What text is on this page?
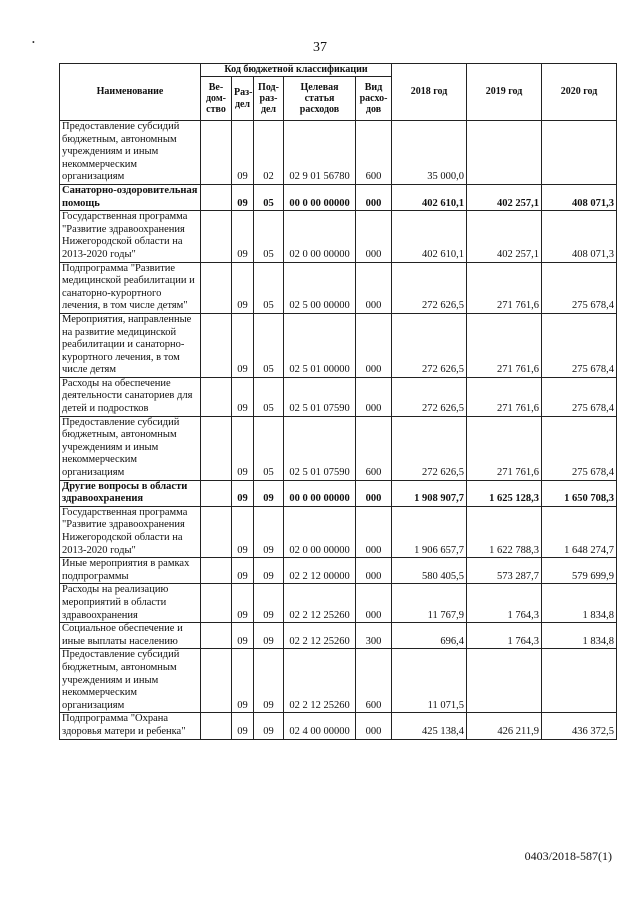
•	37
Наименование	Код бюджетной классификации					2018 год	2019 год	2020 год
	Ве-дом-ство	Раз-дел	Под-раз-дел	Целевая статья расходов	Вид расхо-дов			
Предоставление субсидий бюджетным, автономным учреждениям и иным некоммерческим организациям		09	02	02 9 01 56780	600	35 000,0		
Санаторно-оздоровительная помощь		09	05	00 0 00 00000	000	402 610,1	402 257,1	408 071,3
Государственная программа "Развитие здравоохранения Нижегородской области на 2013-2020 годы"		09	05	02 0 00 00000	000	402 610,1	402 257,1	408 071,3
Подпрограмма "Развитие медицинской реабилитации и санаторно-курортного лечения, в том числе детям"		09	05	02 5 00 00000	000	272 626,5	271 761,6	275 678,4
Мероприятия, направленные на развитие медицинской реабилитации и санаторно-курортного лечения, в том числе детям		09	05	02 5 01 00000	000	272 626,5	271 761,6	275 678,4
Расходы на обеспечение деятельности санаториев для детей и подростков		09	05	02 5 01 07590	000	272 626,5	271 761,6	275 678,4
Предоставление субсидий бюджетным, автономным учреждениям и иным некоммерческим организациям		09	05	02 5 01 07590	600	272 626,5	271 761,6	275 678,4
Другие вопросы в области здравоохранения		09	09	00 0 00 00000	000	1 908 907,7	1 625 128,3	1 650 708,3
Государственная программа "Развитие здравоохранения Нижегородской области на 2013-2020 годы"		09	09	02 0 00 00000	000	1 906 657,7	1 622 788,3	1 648 274,7
Иные мероприятия в рамках подпрограммы		09	09	02 2 12 00000	000	580 405,5	573 287,7	579 699,9
Расходы на реализацию мероприятий в области здравоохранения		09	09	02 2 12 25260	000	11 767,9	1 764,3	1 834,8
Социальное обеспечение и иные выплаты населению		09	09	02 2 12 25260	300	696,4	1 764,3	1 834,8
Предоставление субсидий бюджетным, автономным учреждениям и иным некоммерческим организациям		09	09	02 2 12 25260	600	11 071,5		
Подпрограмма "Охрана здоровья матери и ребенка"		09	09	02 4 00 00000	000	425 138,4	426 211,9	436 372,5
0403/2018-587(1)
